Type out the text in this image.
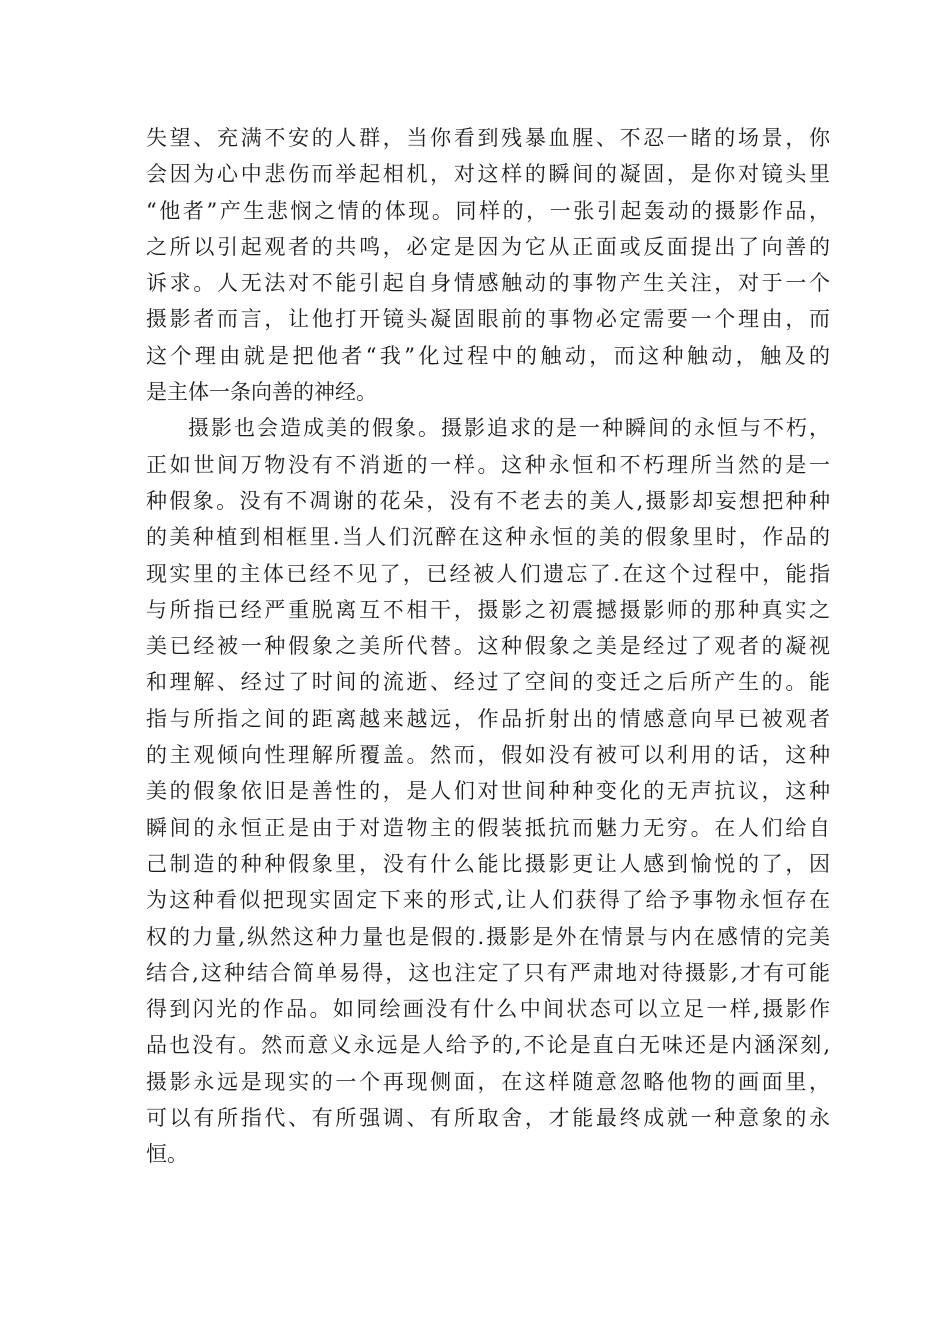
失望、充满不安的人群，当你看到残暴血腥、不忍一睹的场景，你
会因为心中悲伤而举起相机，对这样的瞬间的凝固，是你对镜头里
“他者”产生悲悯之情的体现。同样的，一张引起轰动的摄影作品，
之所以引起观者的共鸣，必定是因为它从正面或反面提出了向善的
诉求。人无法对不能引起自身情感触动的事物产生关注，对于一个
摄影者而言，让他打开镜头凝固眼前的事物必定需要一个理由，而
这个理由就是把他者“我”化过程中的触动，而这种触动，触及的
是主体一条向善的神经。
摄影也会造成美的假象。摄影追求的是一种瞬间的永恒与不朽，
正如世间万物没有不消逝的一样。这种永恒和不朽理所当然的是一
种假象。没有不凋谢的花朵，没有不老去的美人,摄影却妄想把种种
的美种植到相框里.当人们沉醉在这种永恒的美的假象里时，作品的
现实里的主体已经不见了，已经被人们遗忘了.在这个过程中，能指
与所指已经严重脱离互不相干，摄影之初震撼摄影师的那种真实之
美已经被一种假象之美所代替。这种假象之美是经过了观者的凝视
和理解、经过了时间的流逝、经过了空间的变迁之后所产生的。能
指与所指之间的距离越来越远，作品折射出的情感意向早已被观者
的主观倾向性理解所覆盖。然而，假如没有被可以利用的话，这种
美的假象依旧是善性的，是人们对世间种种变化的无声抗议，这种
瞬间的永恒正是由于对造物主的假装抵抗而魅力无穷。在人们给自
己制造的种种假象里，没有什么能比摄影更让人感到愉悦的了，因
为这种看似把现实固定下来的形式,让人们获得了给予事物永恒存在
权的力量,纵然这种力量也是假的.摄影是外在情景与内在感情的完美
结合,这种结合简单易得，这也注定了只有严肃地对待摄影,才有可能
得到闪光的作品。如同绘画没有什么中间状态可以立足一样,摄影作
品也没有。然而意义永远是人给予的,不论是直白无味还是内涵深刻,
摄影永远是现实的一个再现侧面，在这样随意忽略他物的画面里，
可以有所指代、有所强调、有所取舍，才能最终成就一种意象的永
恒。
